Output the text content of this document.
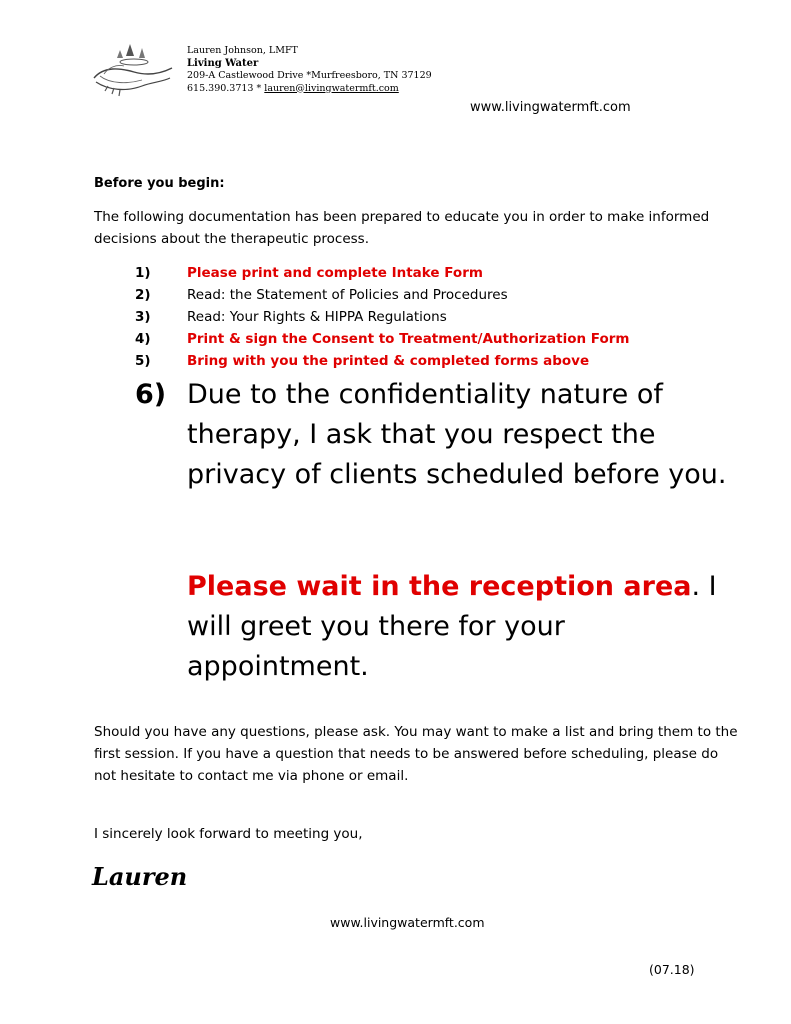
Lauren Johnson, LMFT
Living Water
209-A Castlewood Drive *Murfreesboro, TN 37129
615.390.3713 * lauren@livingwatermft.com
www.livingwatermft.com
Before you begin:
The following documentation has been prepared to educate you in order to make informed decisions about the therapeutic process.
1)	Please print and complete Intake Form
2)	Read: the Statement of Policies and Procedures
3)	Read: Your Rights & HIPPA Regulations
4)	Print & sign the Consent to Treatment/Authorization Form
5)	Bring with you the printed & completed forms above
6) Due to the confidentiality nature of therapy, I ask that you respect the privacy of clients scheduled before you.
Please wait in the reception area. I will greet you there for your appointment.
Should you have any questions, please ask. You may want to make a list and bring them to the first session. If you have a question that needs to be answered before scheduling, please do not hesitate to contact me via phone or email.
I sincerely look forward to meeting you,
Lauren
www.livingwatermft.com
(07.18)
